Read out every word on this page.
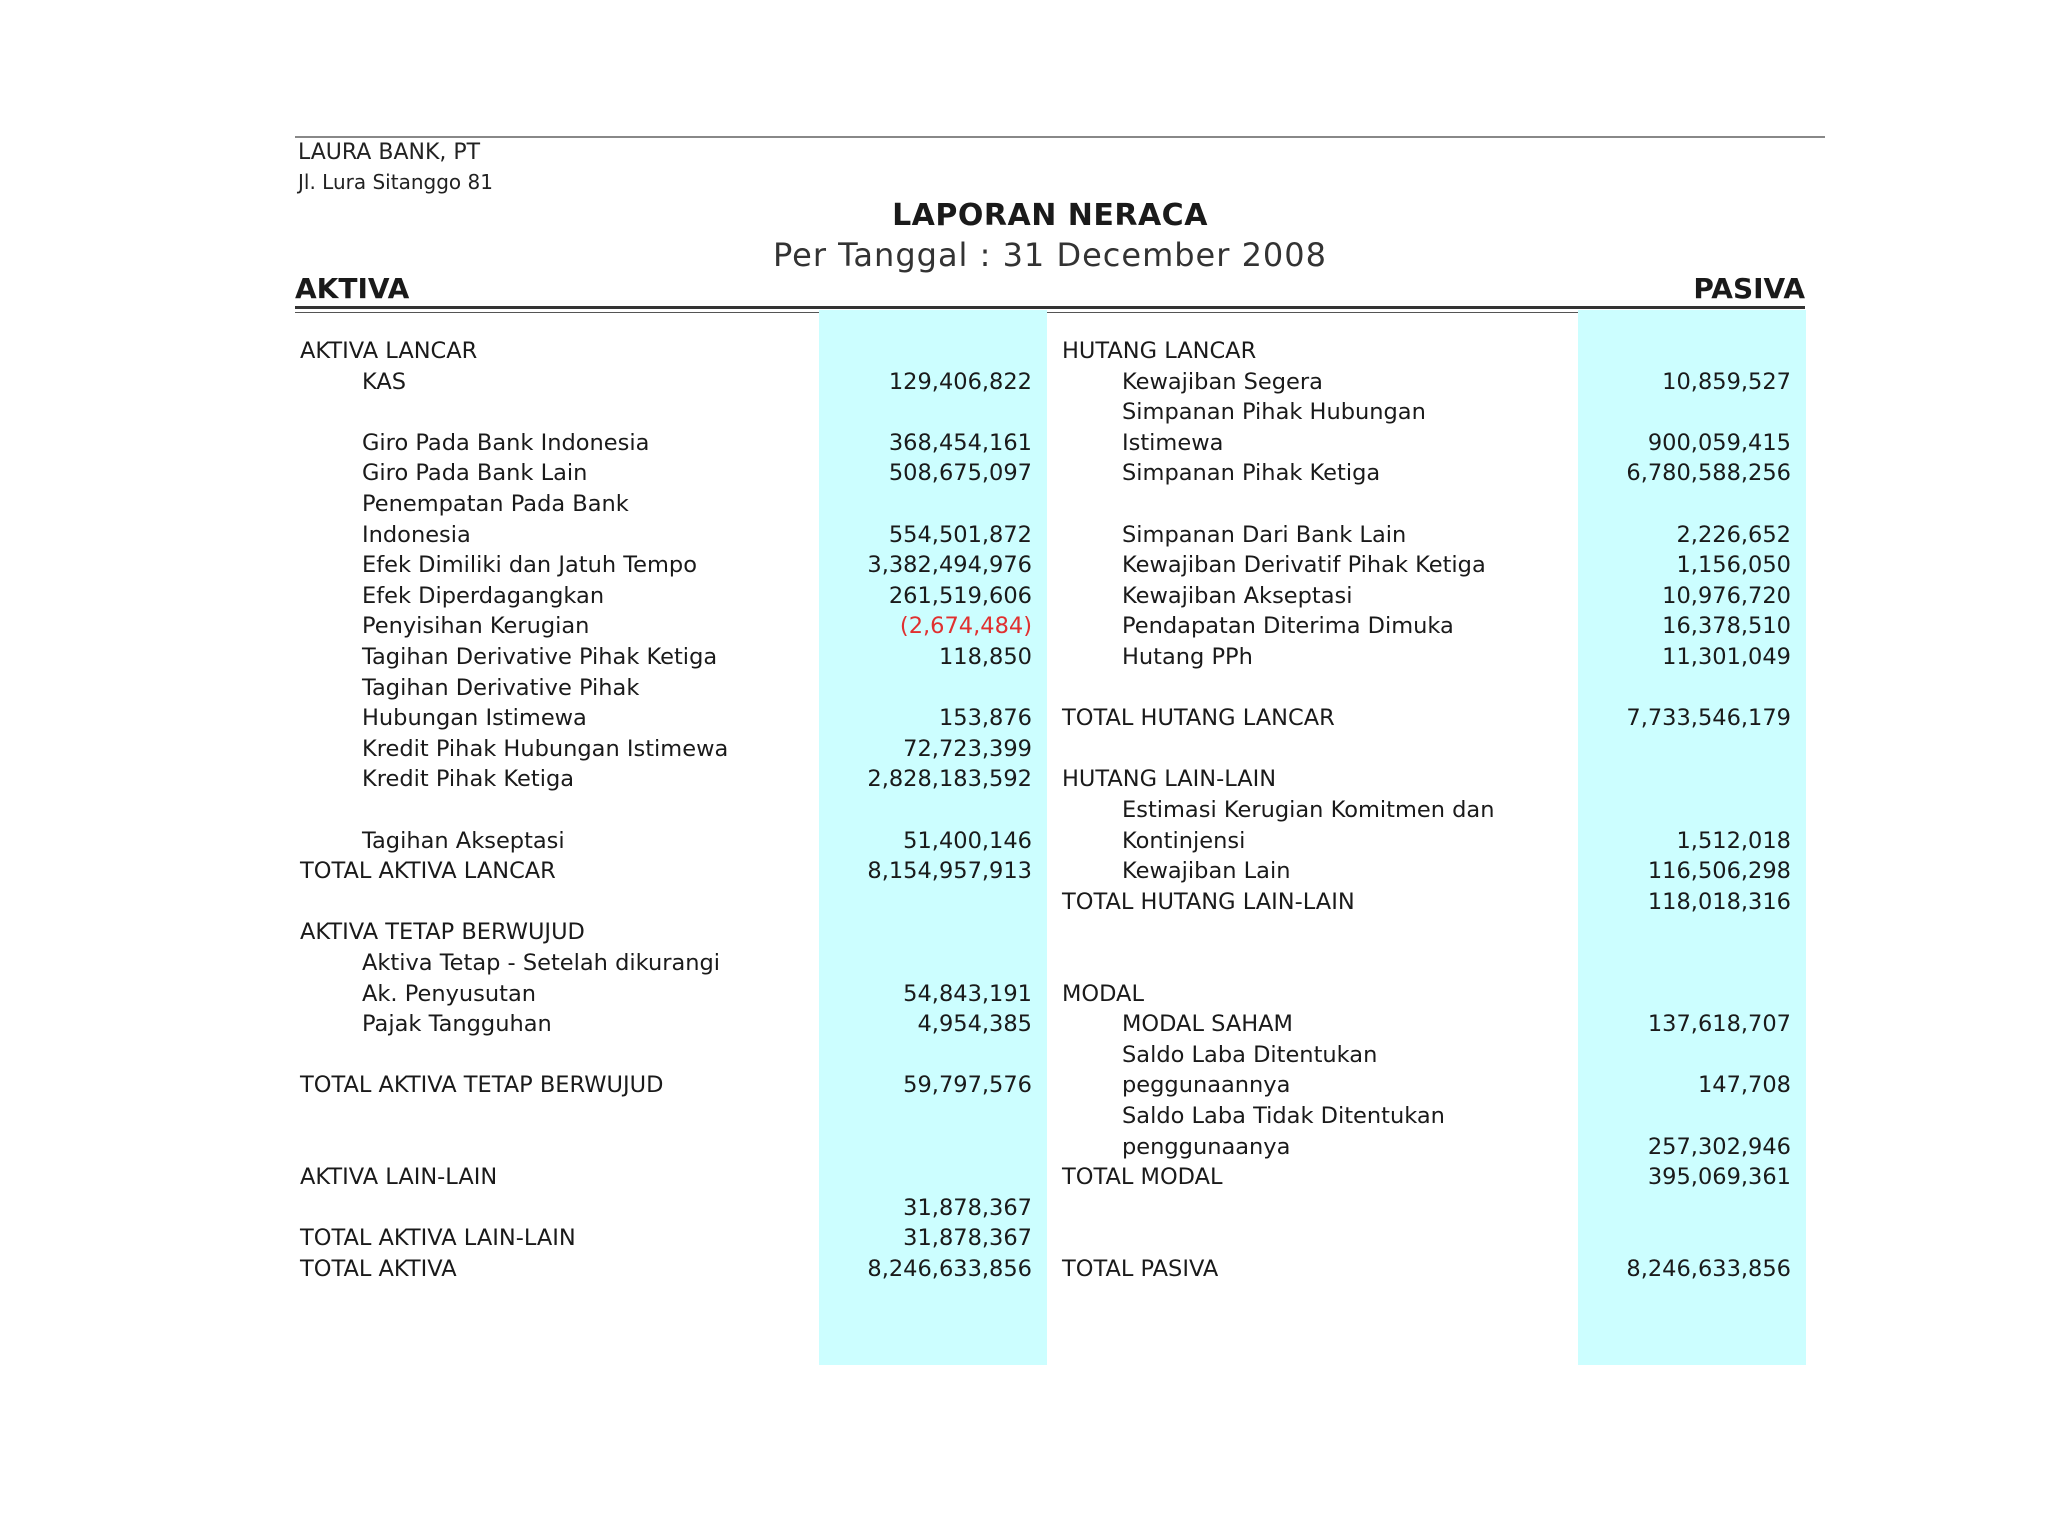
LAURA BANK, PT
Jl. Lura Sitanggo 81
LAPORAN NERACA
Per Tanggal : 31 December 2008
AKTIVA	PASIVA
AKTIVA LANCAR
KAS	129,406,822
Giro Pada Bank Indonesia	368,454,161
Giro Pada Bank Lain	508,675,097
Penempatan Pada Bank
Indonesia	554,501,872
Efek Dimiliki dan Jatuh Tempo	3,382,494,976
Efek Diperdagangkan	261,519,606
Penyisihan Kerugian	(2,674,484)
Tagihan Derivative Pihak Ketiga	118,850
Tagihan Derivative Pihak
Hubungan Istimewa	153,876
Kredit Pihak Hubungan Istimewa	72,723,399
Kredit Pihak Ketiga	2,828,183,592
Tagihan Akseptasi	51,400,146
TOTAL AKTIVA LANCAR	8,154,957,913
AKTIVA TETAP BERWUJUD
Aktiva Tetap - Setelah dikurangi
Ak. Penyusutan	54,843,191
Pajak Tangguhan	4,954,385
TOTAL AKTIVA TETAP BERWUJUD	59,797,576
AKTIVA LAIN-LAIN
31,878,367
TOTAL AKTIVA LAIN-LAIN	31,878,367
TOTAL AKTIVA	8,246,633,856
HUTANG LANCAR
Kewajiban Segera	10,859,527
Simpanan Pihak Hubungan
Istimewa	900,059,415
Simpanan Pihak Ketiga	6,780,588,256
Simpanan Dari Bank Lain	2,226,652
Kewajiban Derivatif Pihak Ketiga	1,156,050
Kewajiban Akseptasi	10,976,720
Pendapatan Diterima Dimuka	16,378,510
Hutang PPh	11,301,049
TOTAL HUTANG LANCAR	7,733,546,179
HUTANG LAIN-LAIN
Estimasi Kerugian Komitmen dan
Kontinjensi	1,512,018
Kewajiban Lain	116,506,298
TOTAL HUTANG LAIN-LAIN	118,018,316
MODAL
MODAL SAHAM	137,618,707
Saldo Laba Ditentukan
peggunaannya	147,708
Saldo Laba Tidak Ditentukan
penggunaanya	257,302,946
TOTAL MODAL	395,069,361
TOTAL PASIVA	8,246,633,856
